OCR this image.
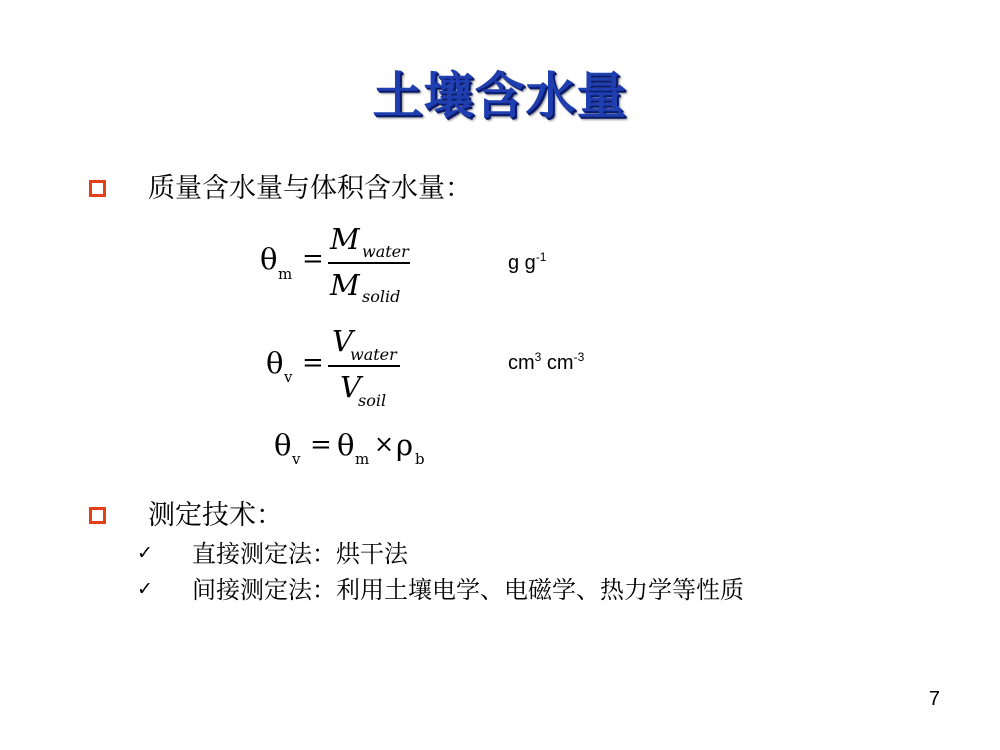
土壤含水量
质量含水量与体积含水量：
θ m =
M water
M solid
g $g^{-1}$
θ v =
V
water
V
soil
$cm^3$ $cm^{-3}$
θ v = θ m
× ρ b
测定技术：
✓ 直接测定法：烘干法
✓ 间接测定法：利用土壤电学、电磁学、热力学等性质
7
